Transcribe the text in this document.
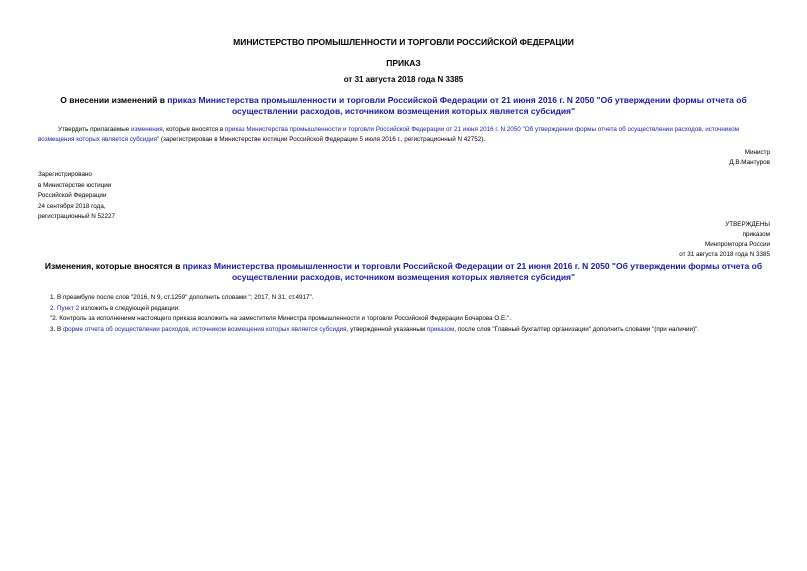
МИНИСТЕРСТВО ПРОМЫШЛЕННОСТИ И ТОРГОВЛИ РОССИЙСКОЙ ФЕДЕРАЦИИ
ПРИКАЗ
от 31 августа 2018 года N 3385
О внесении изменений в приказ Министерства промышленности и торговли Российской Федерации от 21 июня 2016 г. N 2050 "Об утверждении формы отчета об осуществлении расходов, источником возмещения которых является субсидия"
Утвердить прилагаемые изменения, которые вносятся в приказ Министерства промышленности и торговли Российской Федерации от 21 июня 2016 г. N 2050 "Об утверждении формы отчета об осуществлении расходов, источником возмещения которых является субсидия" (зарегистрирован в Министерстве юстиции Российской Федерации 5 июля 2016 г., регистрационный N 42752).
Министр
Д.В.Мантуров
Зарегистрировано
в Министерстве юстиции
Российской Федерации
24 сентября 2018 года,
регистрационный N 52227
УТВЕРЖДЕНЫ
приказом
Минпромторга России
от 31 августа 2018 года N 3385
Изменения, которые вносятся в приказ Министерства промышленности и торговли Российской Федерации от 21 июня 2016 г. N 2050 "Об утверждении формы отчета об осуществлении расходов, источником возмещения которых является субсидия"
1. В преамбуле после слов "2016, N 9, ст.1259" дополнить словами "; 2017, N 31, ст.4917".
2. Пункт 2 изложить в следующей редакции:
"2. Контроль за исполнением настоящего приказа возложить на заместителя Министра промышленности и торговли Российской Федерации Бочарова О.Е.".
3. В форме отчета об осуществлении расходов, источником возмещения которых является субсидия, утвержденной указанным приказом, после слов "Главный бухгалтер организации" дополнить словами "(при наличии)".
